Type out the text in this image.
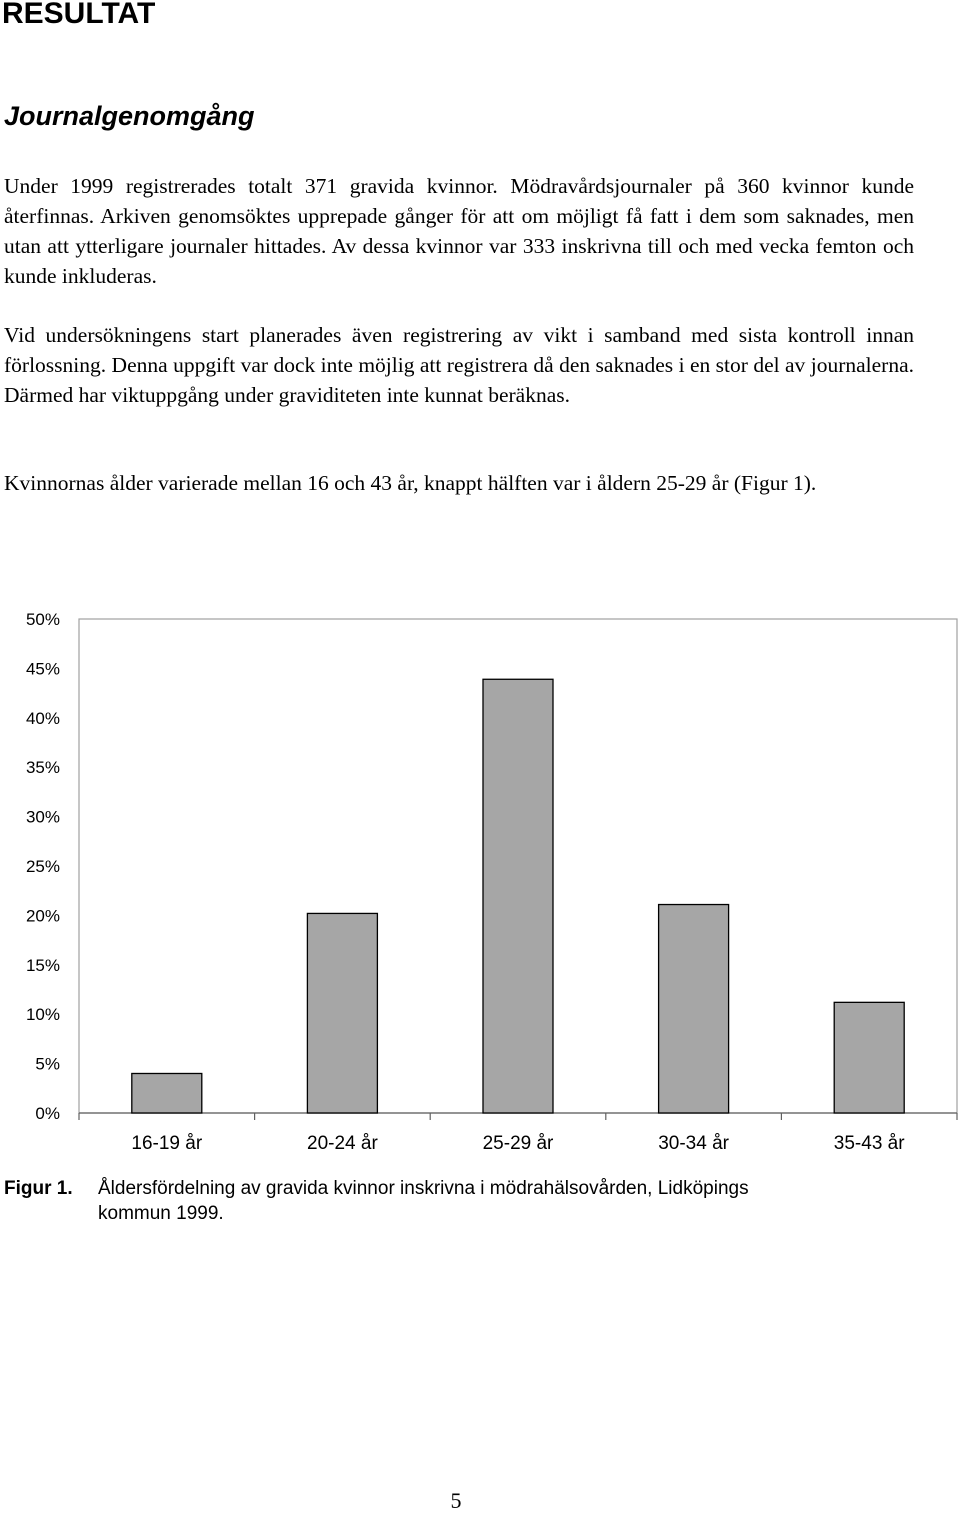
RESULTAT
Journalgenomgång

Under 1999 registrerades totalt 371 gravida kvinnor. Mödravårdsjournaler på 360 kvinnor kunde återfinnas. Arkiven genomsöktes upprepade gånger för att om möjligt få fatt i dem som saknades, men utan att ytterligare journaler hittades. Av dessa kvinnor var 333 inskrivna till och med vecka femton och kunde inkluderas.

Vid undersökningens start planerades även registrering av vikt i samband med sista kontroll innan förlossning. Denna uppgift var dock inte möjlig att registrera då den saknades i en stor del av journalerna. Därmed har viktuppgång under graviditeten inte kunnat beräknas.

Kvinnornas ålder varierade mellan 16 och 43 år, knappt hälften var i åldern 25-29 år (Figur 1).

0%
5%
10%
15%
20%
25%
30%
35%
40%
45%
50%
16-19 år	20-24 år	25-29 år	30-34 år	35-43 år
Figur 1. Åldersfördelning av gravida kvinnor inskrivna i mödrahälsovården, Lidköpings kommun 1999.
5
